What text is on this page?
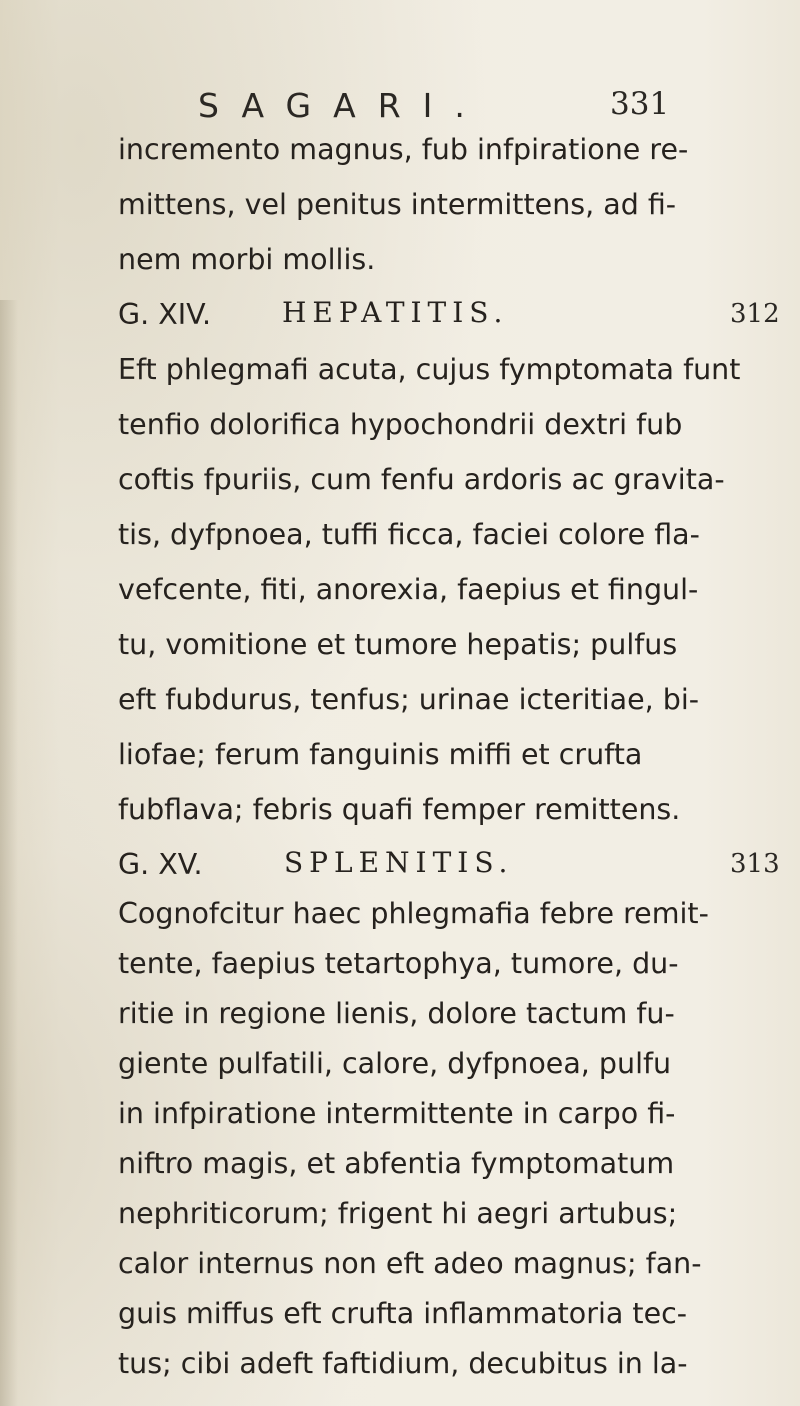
SAGARI.	331
incremento magnus, fub infpiratione re-
mittens, vel penitus intermittens, ad fi-
nem morbi mollis.
G. XIV.	HEPATITIS.	312
Eft phlegmafi acuta, cujus fymptomata funt
tenfio dolorifica hypochondrii dextri fub
coftis fpuriis, cum fenfu ardoris ac gravita-
tis, dyfpnoea, tuffi ficca, faciei colore fla-
vefcente, fiti, anorexia, faepius et fingul-
tu, vomitione et tumore hepatis; pulfus
eft fubdurus, tenfus; urinae icteritiae, bi-
liofae; ferum fanguinis miffi et crufta
fubflava; febris quafi femper remittens.
G. XV.	SPLENITIS.	313
Cognofcitur haec phlegmafia febre remit-
tente, faepius tetartophya, tumore, du-
ritie in regione lienis, dolore tactum fu-
giente pulfatili, calore, dyfpnoea, pulfu
in infpiratione intermittente in carpo fi-
niftro magis, et abfentia fymptomatum
nephriticorum; frigent hi aegri artubus;
calor internus non eft adeo magnus; fan-
guis miffus eft crufta inflammatoria tec-
tus; cibi adeft faftidium, decubitus in la-
